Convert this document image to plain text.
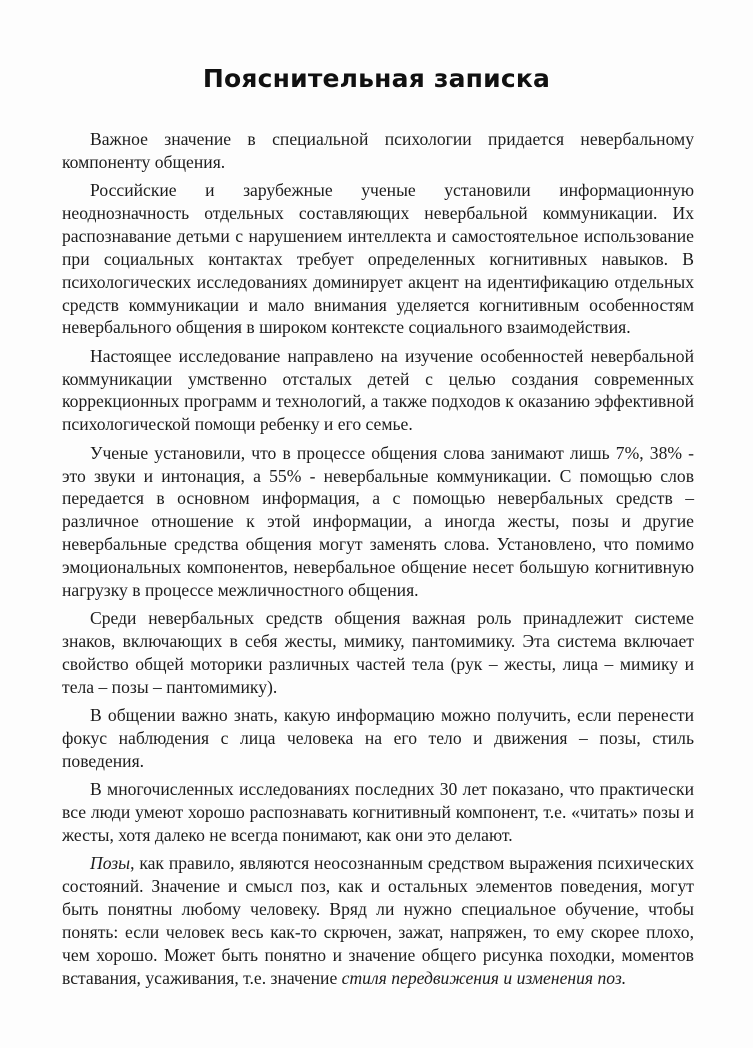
Пояснительная записка

Важное значение в специальной психологии придается невербальному компоненту общения.

Российские и зарубежные ученые установили информационную неоднозначность отдельных составляющих невербальной коммуникации. Их распознавание детьми с нарушением интеллекта и самостоятельное использование при социальных контактах требует определенных когнитивных навыков. В психологических исследованиях доминирует акцент на идентификацию отдельных средств коммуникации и мало внимания уделяется когнитивным особенностям невербального общения в широком контексте социального взаимодействия.

Настоящее исследование направлено на изучение особенностей невербальной коммуникации умственно отсталых детей с целью создания современных коррекционных программ и технологий, а также подходов к оказанию эффективной психологической помощи ребенку и его семье.

Ученые установили, что в процессе общения слова занимают лишь 7%, 38% - это звуки и интонация, а 55% - невербальные коммуникации. С помощью слов передается в основном информация, а с помощью невербальных средств – различное отношение к этой информации, а иногда жесты, позы и другие невербальные средства общения могут заменять слова. Установлено, что помимо эмоциональных компонентов, невербальное общение несет большую когнитивную нагрузку в процессе межличностного общения.

Среди невербальных средств общения важная роль принадлежит системе знаков, включающих в себя жесты, мимику, пантомимику. Эта система включает свойство общей моторики различных частей тела (рук – жесты, лица – мимику и тела – позы – пантомимику).

В общении важно знать, какую информацию можно получить, если перенести фокус наблюдения с лица человека на его тело и движения – позы, стиль поведения.

В многочисленных исследованиях последних 30 лет показано, что практически все люди умеют хорошо распознавать когнитивный компонент, т.е. «читать» позы и жесты, хотя далеко не всегда понимают, как они это делают.

Позы, как правило, являются неосознанным средством выражения психических состояний. Значение и смысл поз, как и остальных элементов поведения, могут быть понятны любому человеку. Вряд ли нужно специальное обучение, чтобы понять: если человек весь как-то скрючен, зажат, напряжен, то ему скорее плохо, чем хорошо. Может быть понятно и значение общего рисунка походки, моментов вставания, усаживания, т.е. значение стиля передвижения и изменения поз.
